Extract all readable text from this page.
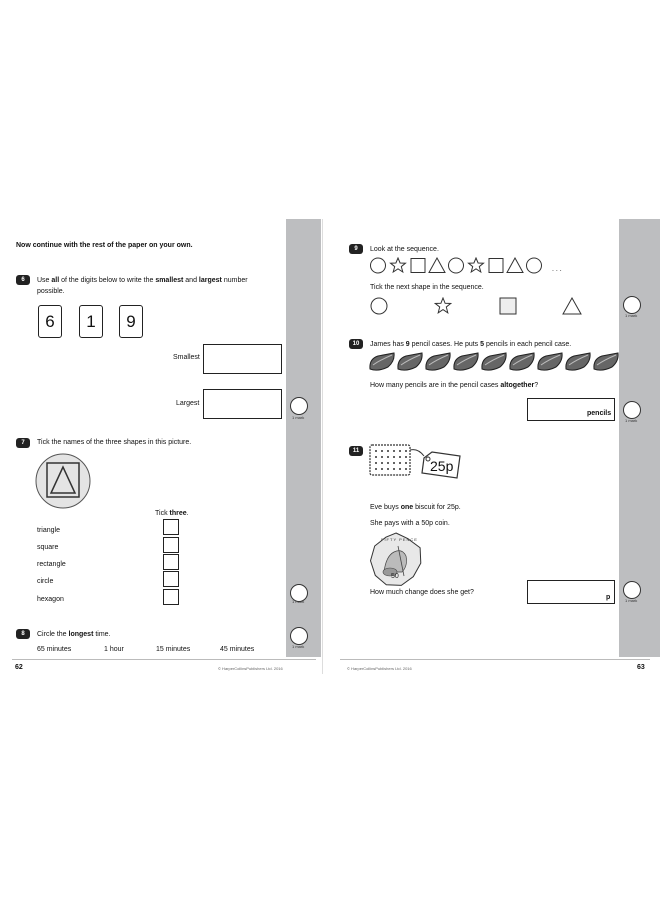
Now continue with the rest of the paper on your own.
6	Use all of the digits below to write the smallest and largest number
possible.
6	1	9
Smallest
Largest
1 mark
7	Tick the names of the three shapes in this picture.
Tick three.
triangle
square
rectangle
circle
hexagon	1 mark
8	Circle the longest time.
65 minutes	1 hour	15 minutes	45 minutes	1 mark
62	© HarperCollinsPublishers Ltd. 2016
9	Look at the sequence.
. . .
Tick the next shape in the sequence.
1 mark
10	James has 9 pencil cases. He puts 5 pencils in each pencil case.
How many pencils are in the pencil cases altogether?
pencils
1 mark
11
25p
Eve buys one biscuit for 25p.
She pays with a 50p coin.
FIFTY PENCE
50
How much change does she get?
p	1 mark
© HarperCollinsPublishers Ltd. 2016	63
